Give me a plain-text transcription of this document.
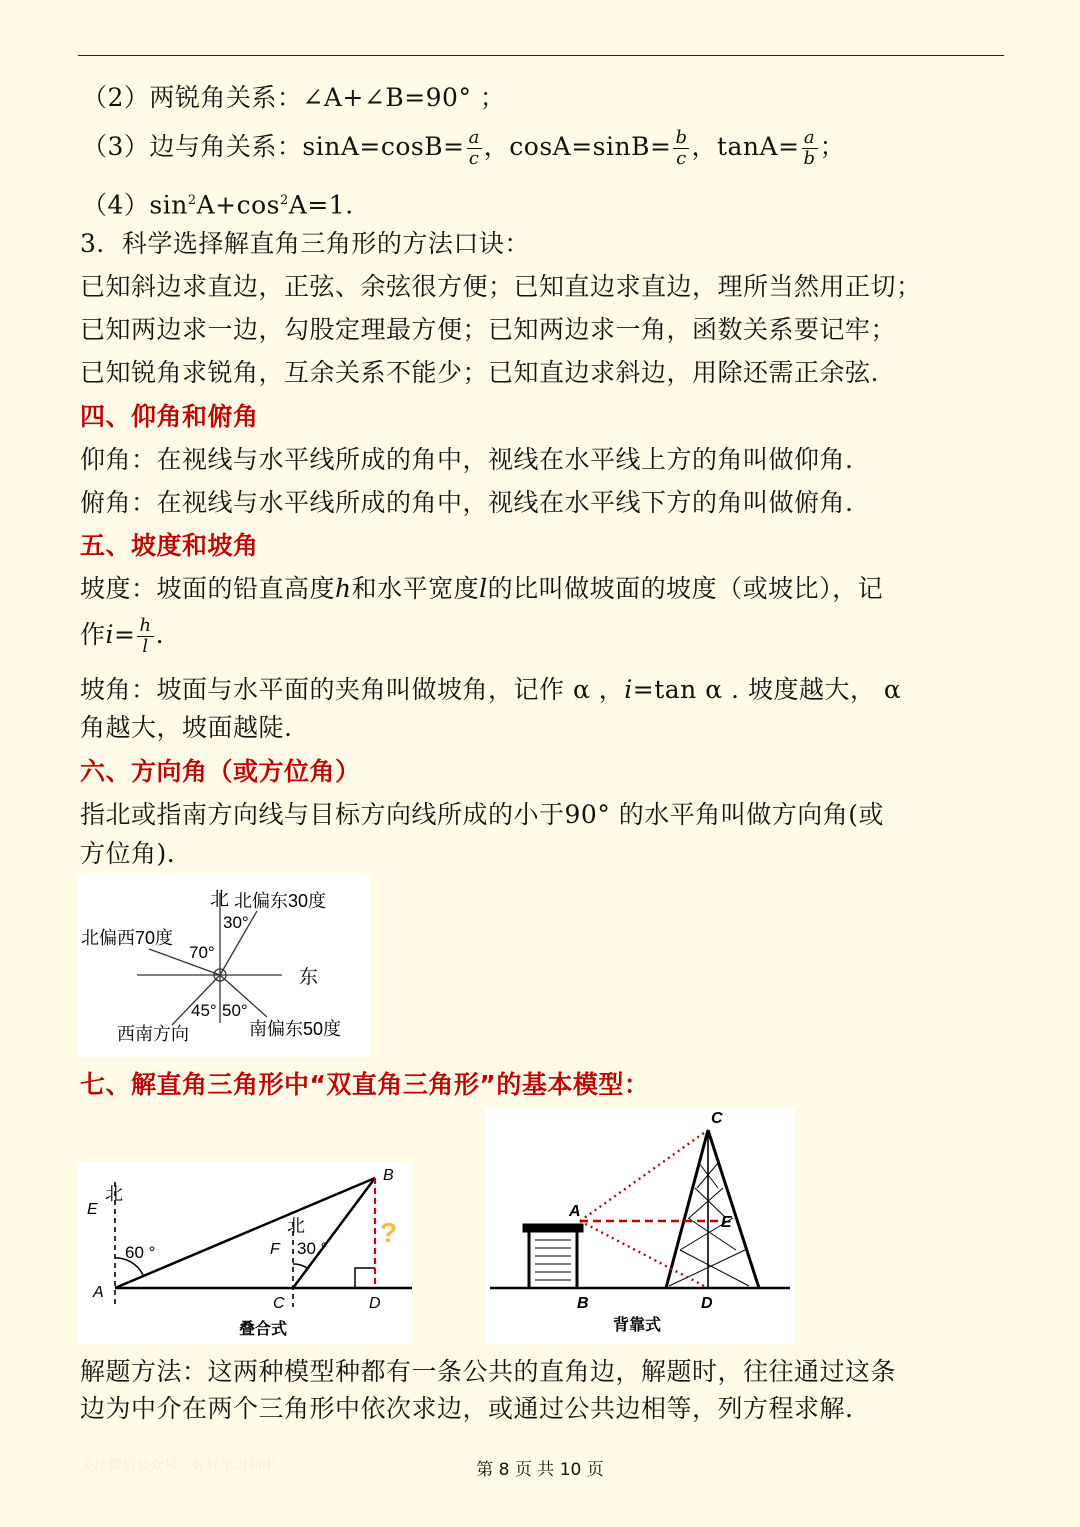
（2）两锐角关系：∠A+∠B=90° ；
（3）边与角关系：$\sin A=\cos B= \frac{a}{c}$ ，$\cos A=\sin B= \frac{b}{c}$ ，$\tan A= \frac{a}{b}$ ；
$(4)\sin^2A+\cos^2A=1$.
3．科学选择解直角三角形的方法口诀：
已知斜边求直边，正弦、余弦很方便；已知直边求直边，理所当然用正切；
已知两边求一边，勾股定理最方便；已知两边求一角，函数关系要记牢；
已知锐角求锐角，互余关系不能少；已知直边求斜边，用除还需正余弦.
四、仰角和俯角
仰角：在视线与水平线所成的角中，视线在水平线上方的角叫做仰角.
俯角：在视线与水平线所成的角中，视线在水平线下方的角叫做俯角.
五、坡度和坡角
坡度：坡面的铅直高度h和水平宽度l的比叫做坡面的坡度（或坡比），记
作$i= \frac{h}{l}$ .
坡角：坡面与水平面的夹角叫做坡角，记作 α ，i=tan α . 坡度越大， α
角越大，坡面越陡.
六、方向角（或方位角）
指北或指南方向线与目标方向线所成的小于90° 的水平角叫做方向角(或
方位角).
北 北偏东30度
30°
北偏西70度
70°
东
45° 50°
西南方向	南偏东50度
七、解直角三角形中“双直角三角形”的基本模型：
?
北
E
60 °
A
B
北
F 30 °
C	D
叠合式
C
A
E
B	D
背靠式
解题方法：这两种模型种都有一条公共的直角边，解题时，往往通过这条
边为中介在两个三角形中依次求边，或通过公共边相等，列方程求解.
关注微信公众号：好好学习初中	第 8 页 共 10 页
